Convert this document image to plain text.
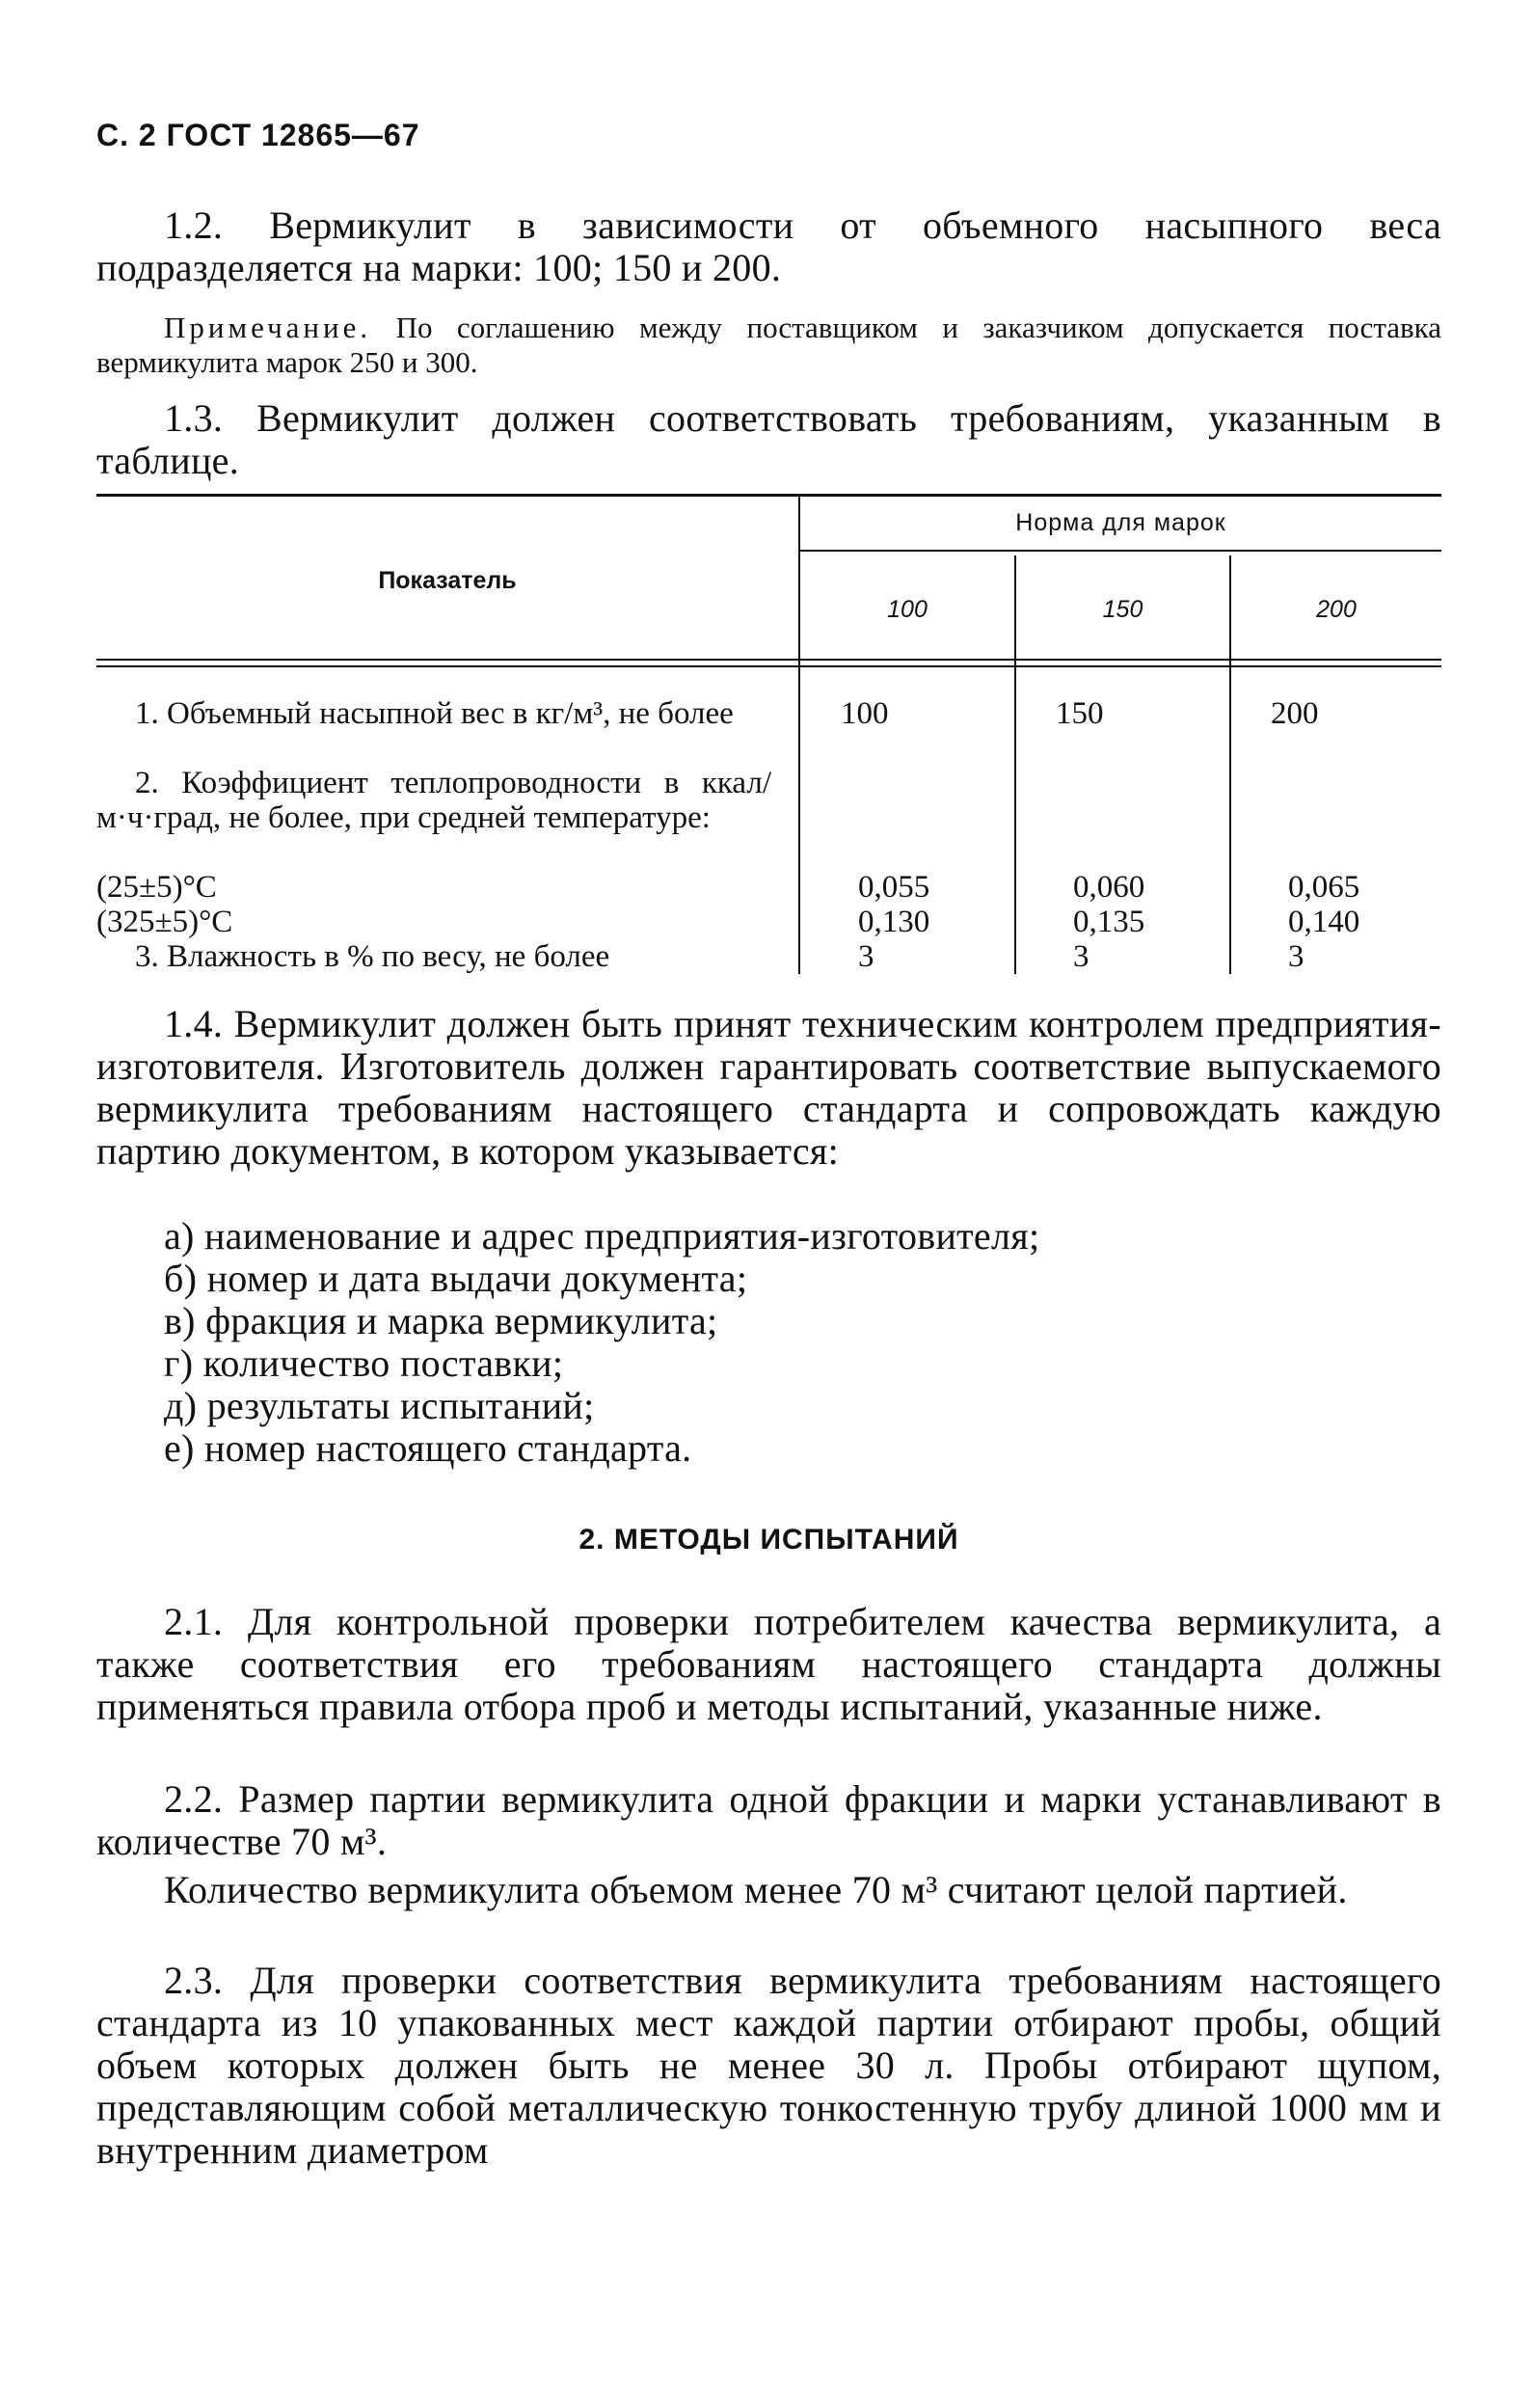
С. 2 ГОСТ 12865—67
1.2. Вермикулит в зависимости от объемного насыпного веса подразделяется на марки: 100; 150 и 200.
Примечание. По соглашению между поставщиком и заказчиком допускается поставка вермикулита марок 250 и 300.
1.3. Вермикулит должен соответствовать требованиям, указанным в таблице.
Показатель
Норма для марок
100	150	200
1. Объемный насыпной вес в кг/м³, не более	100	150	200
2. Коэффициент теплопроводности в ккал/м·ч·град, не более, при средней температуре:
(25±5)°С	0,055	0,060	0,065
(325±5)°С	0,130	0,135	0,140
3. Влажность в % по весу, не более	3	3	3
1.4. Вермикулит должен быть принят техническим контролем предприятия-изготовителя. Изготовитель должен гарантировать соответствие выпускаемого вермикулита требованиям настоящего стандарта и сопровождать каждую партию документом, в котором указывается:
а) наименование и адрес предприятия-изготовителя;
б) номер и дата выдачи документа;
в) фракция и марка вермикулита;
г) количество поставки;
д) результаты испытаний;
е) номер настоящего стандарта.
2. МЕТОДЫ ИСПЫТАНИЙ
2.1. Для контрольной проверки потребителем качества вермикулита, а также соответствия его требованиям настоящего стандарта должны применяться правила отбора проб и методы испытаний, указанные ниже.
2.2. Размер партии вермикулита одной фракции и марки устанавливают в количестве 70 м³.
Количество вермикулита объемом менее 70 м³ считают целой партией.
2.3. Для проверки соответствия вермикулита требованиям настоящего стандарта из 10 упакованных мест каждой партии отбирают пробы, общий объем которых должен быть не менее 30 л. Пробы отбирают щупом, представляющим собой металлическую тонкостенную трубу длиной 1000 мм и внутренним диаметром
